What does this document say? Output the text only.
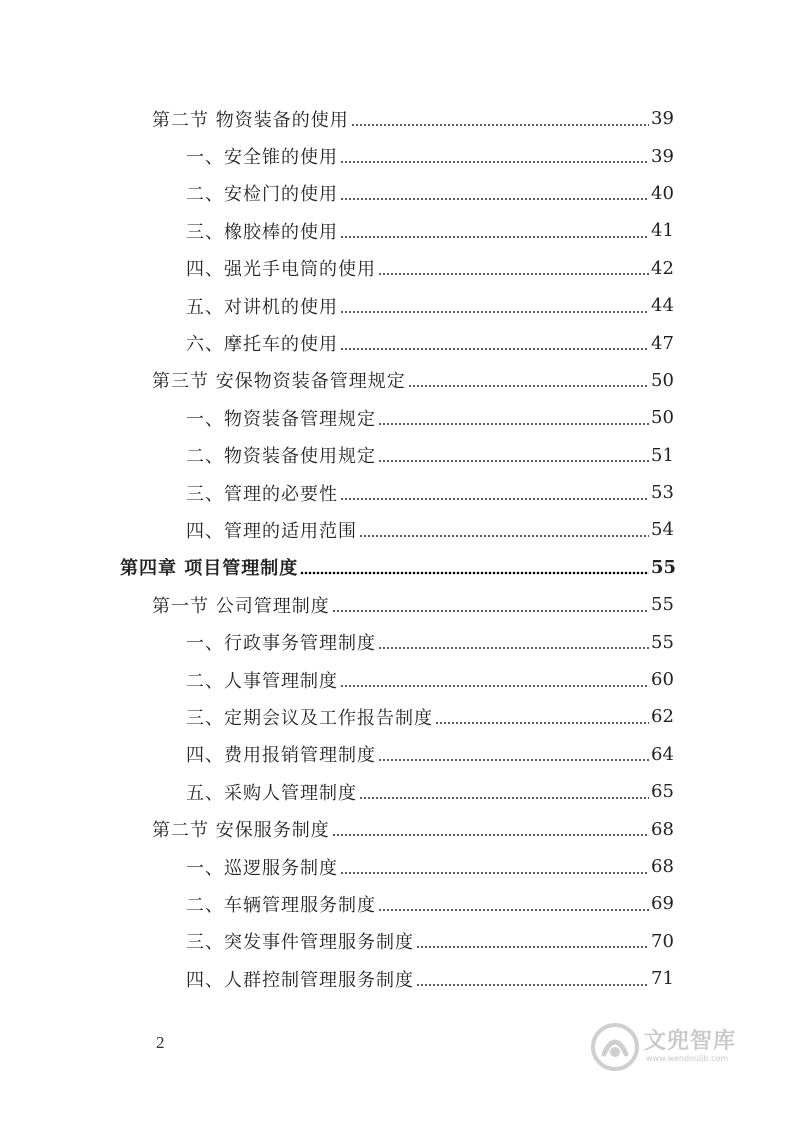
第二节 物资装备的使用	39
一、安全锥的使用	39
二、安检门的使用	40
三、橡胶棒的使用	41
四、强光手电筒的使用	42
五、对讲机的使用	44
六、摩托车的使用	47
第三节 安保物资装备管理规定	50
一、物资装备管理规定	50
二、物资装备使用规定	51
三、管理的必要性	53
四、管理的适用范围	54
第四章 项目管理制度	55
第一节 公司管理制度	55
一、行政事务管理制度	55
二、人事管理制度	60
三、定期会议及工作报告制度	62
四、费用报销管理制度	64
五、采购人管理制度	65
第二节 安保服务制度	68
一、巡逻服务制度	68
二、车辆管理服务制度	69
三、突发事件管理服务制度	70
四、人群控制管理服务制度	71
2	文兜智库
www.wendoulib.com
